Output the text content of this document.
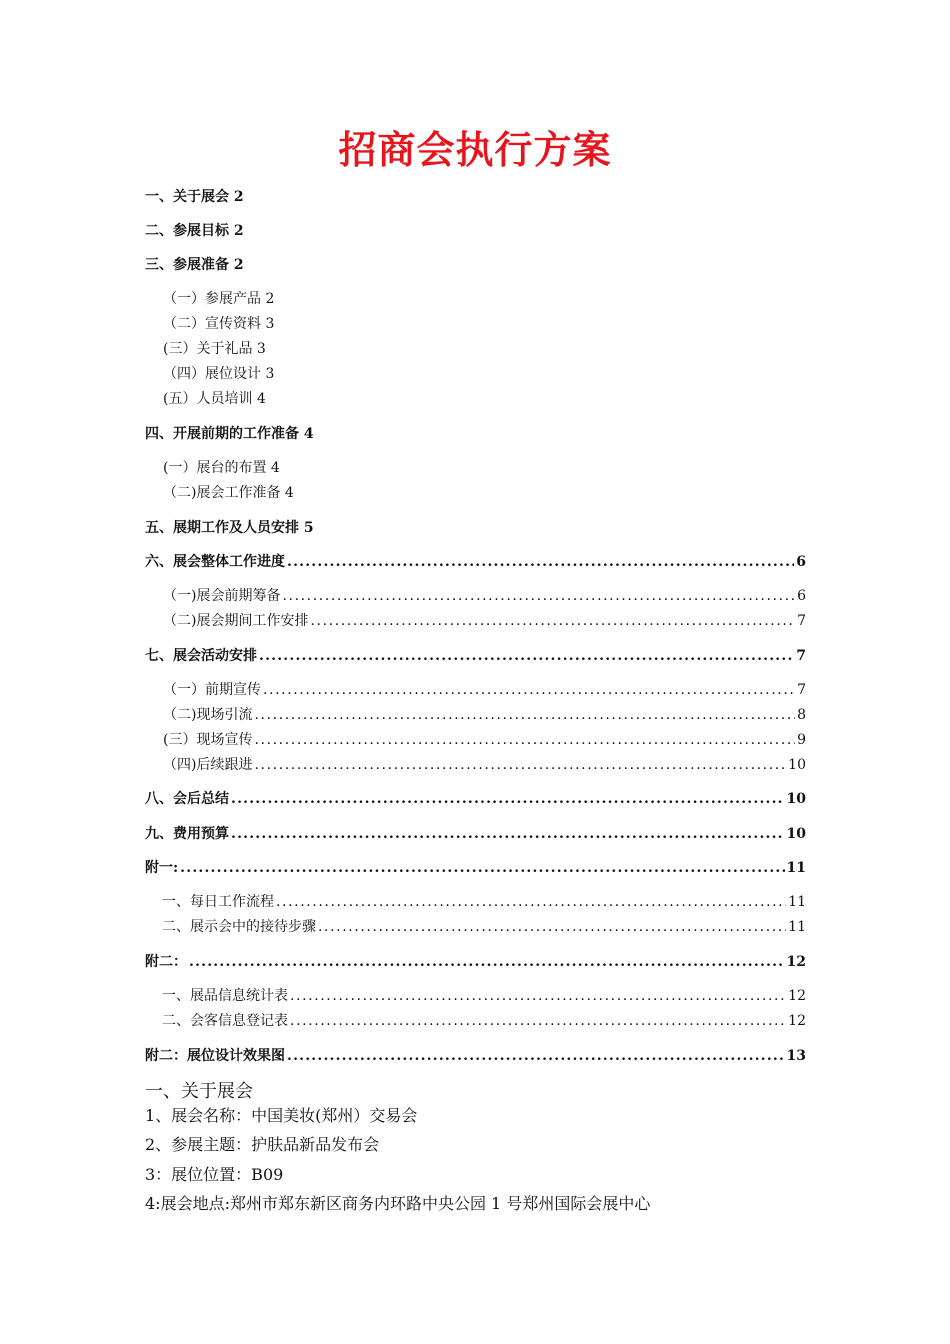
招商会执行方案
一、关于展会 2
二、参展目标 2
三、参展准备 2
（一）参展产品 2
（二）宣传资料 3
(三）关于礼品 3
（四）展位设计 3
(五）人员培训 4
四、开展前期的工作准备 4
(一）展台的布置 4
（二)展会工作准备 4
五、展期工作及人员安排 5
六、展会整体工作进度 .....	6
（一)展会前期筹备 .....	6
（二)展会期间工作安排 .....	7
七、展会活动安排 .....	7
（一）前期宣传 .....	7
（二)现场引流 .....	8
(三）现场宣传 .....	9
（四)后续跟进 .....	10
八、会后总结 .....	10
九、费用预算 .....	10
附一: .....	11
一、每日工作流程 .....	11
二、展示会中的接待步骤 .....	11
附二： .....	12
一、展品信息统计表 .....	12
二、会客信息登记表 .....	12
附二：展位设计效果图 .....	13
一、关于展会
1、展会名称：中国美妆(郑州）交易会
2、参展主题：护肤品新品发布会
3：展位位置：B09
4:展会地点:郑州市郑东新区商务内环路中央公园 1 号郑州国际会展中心
